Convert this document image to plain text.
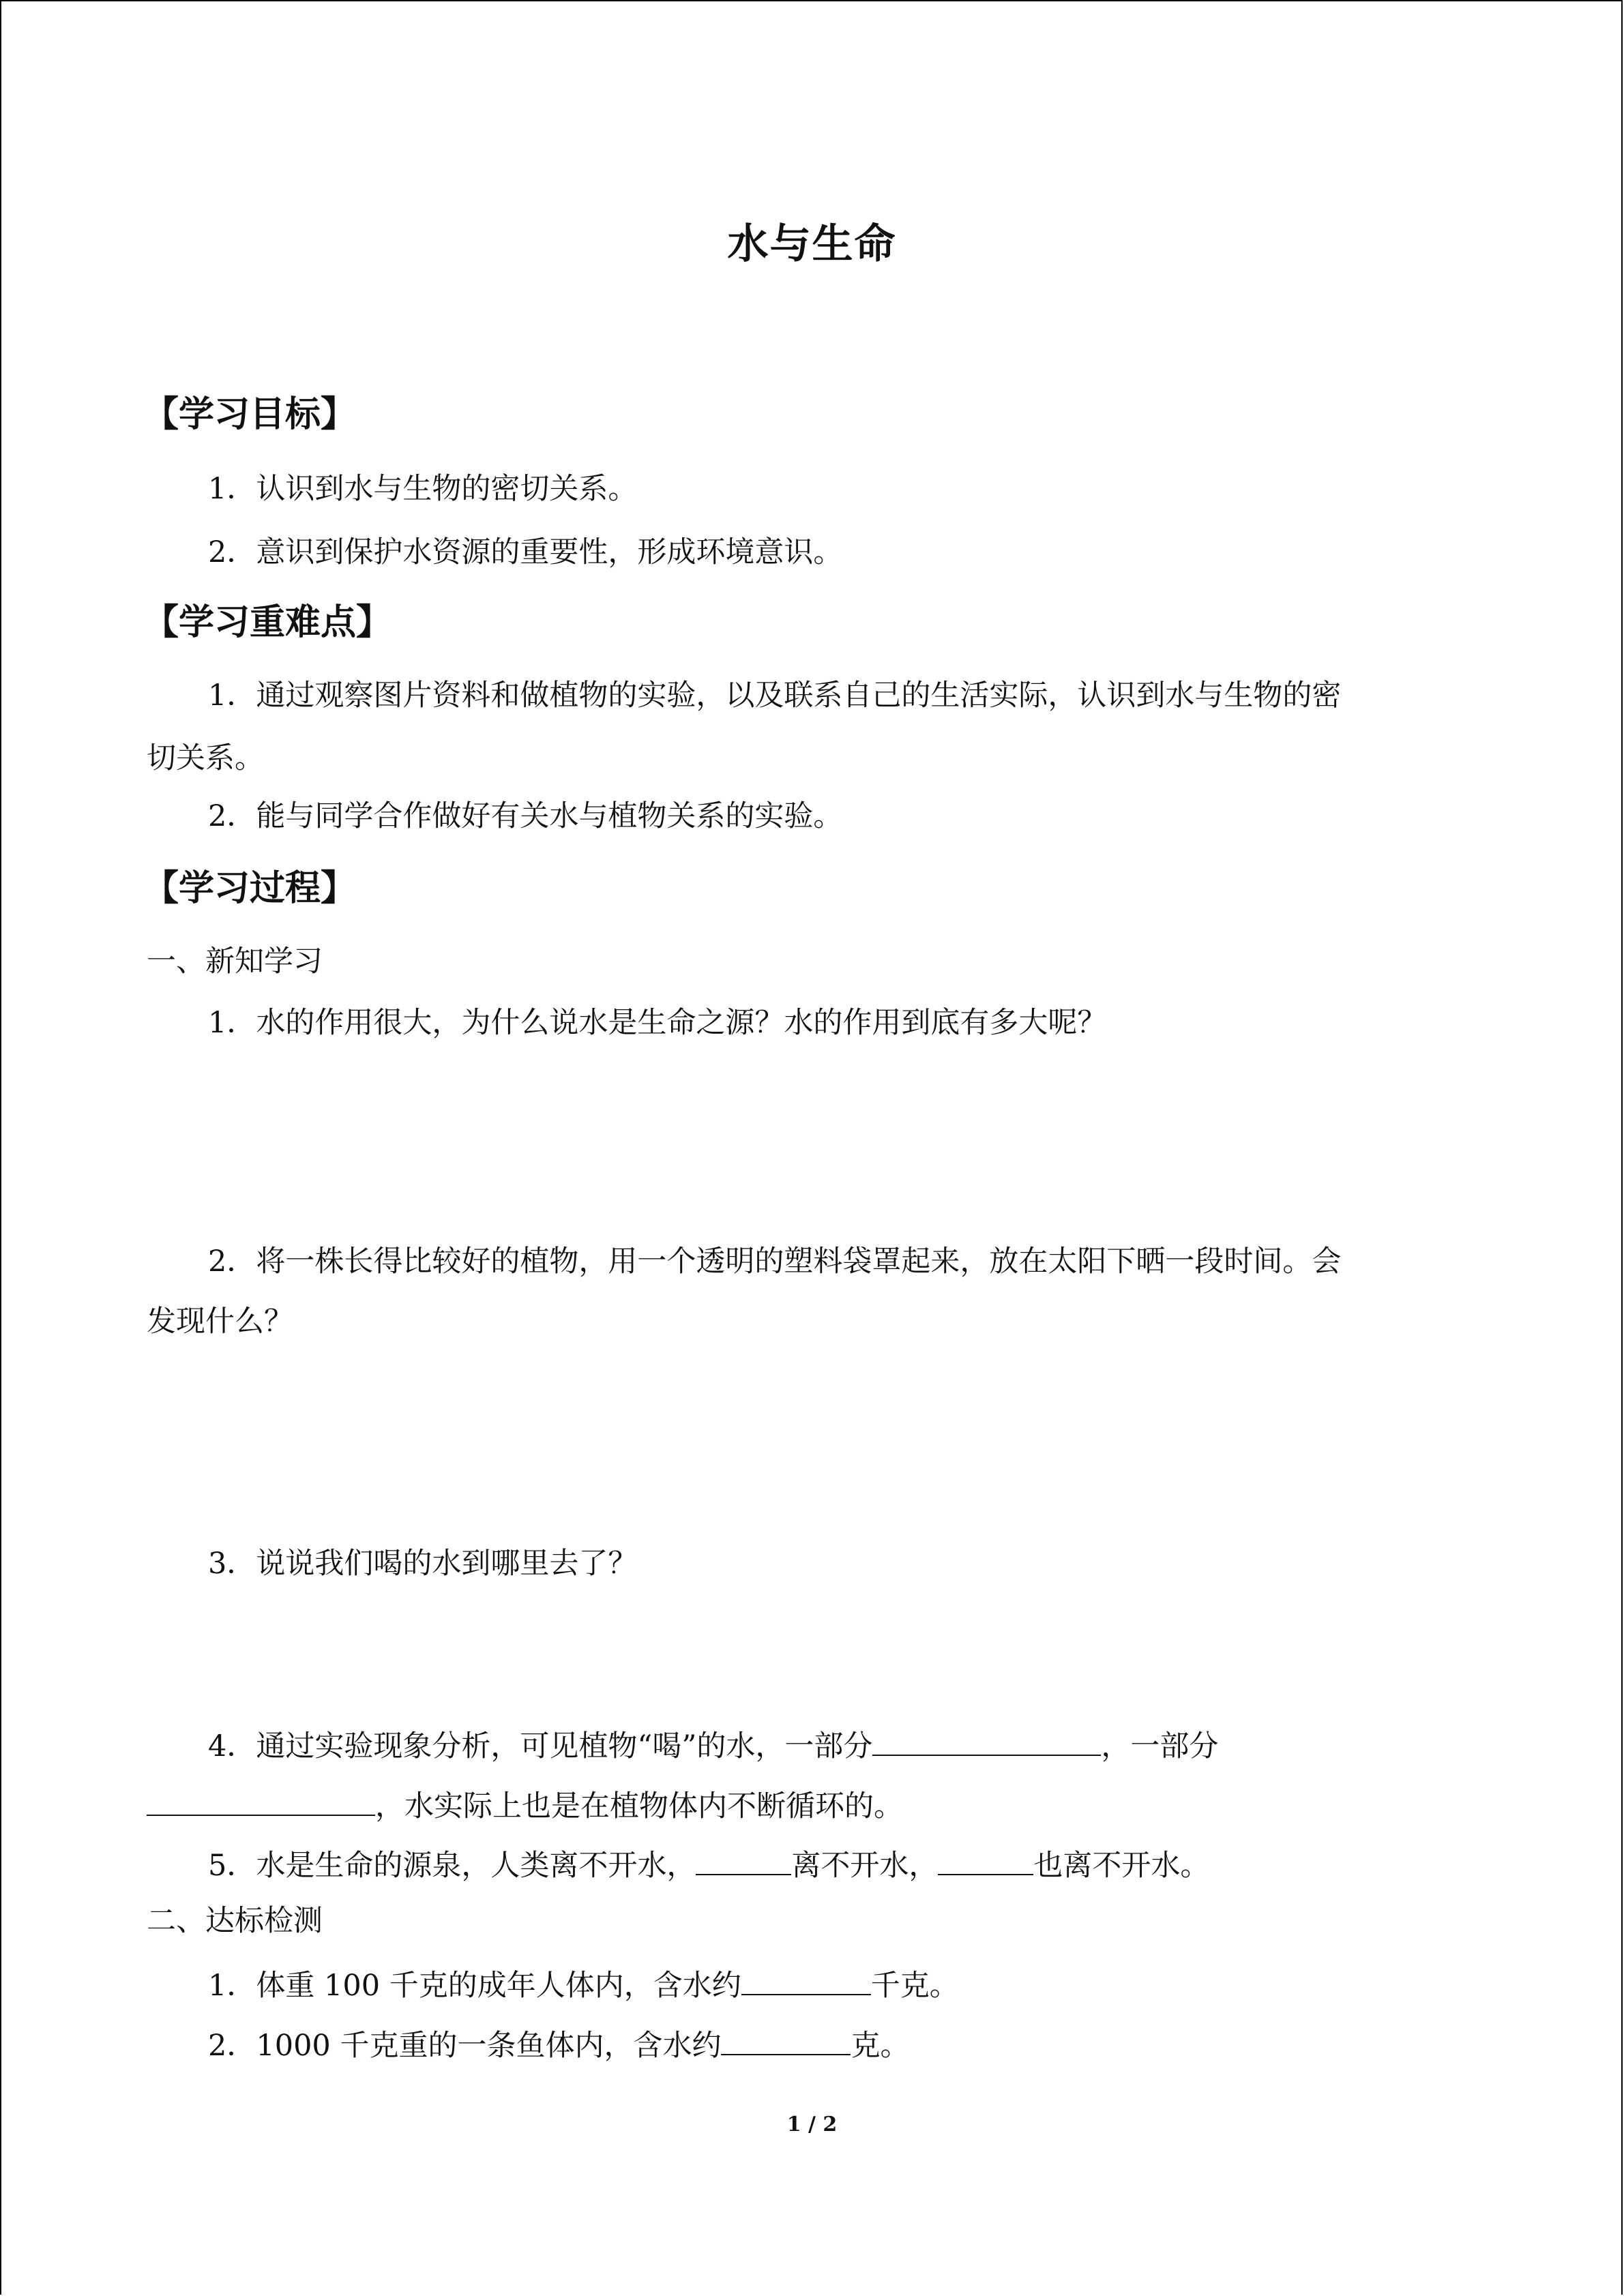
水与生命
【学习目标】
1．认识到水与生物的密切关系。
2．意识到保护水资源的重要性，形成环境意识。
【学习重难点】
1．通过观察图片资料和做植物的实验，以及联系自己的生活实际，认识到水与生物的密
切关系。
2．能与同学合作做好有关水与植物关系的实验。
【学习过程】
一、新知学习
1．水的作用很大，为什么说水是生命之源？水的作用到底有多大呢？
2．将一株长得比较好的植物，用一个透明的塑料袋罩起来，放在太阳下晒一段时间。会
发现什么？
3．说说我们喝的水到哪里去了？
4．通过实验现象分析，可见植物“喝”的水，一部分	，一部分
，水实际上也是在植物体内不断循环的。
5．水是生命的源泉，人类离不开水，	离不开水，	也离不开水。
二、达标检测
1．体重 100 千克的成年人体内，含水约	千克。
2．1000 千克重的一条鱼体内，含水约	克。
1 / 2
